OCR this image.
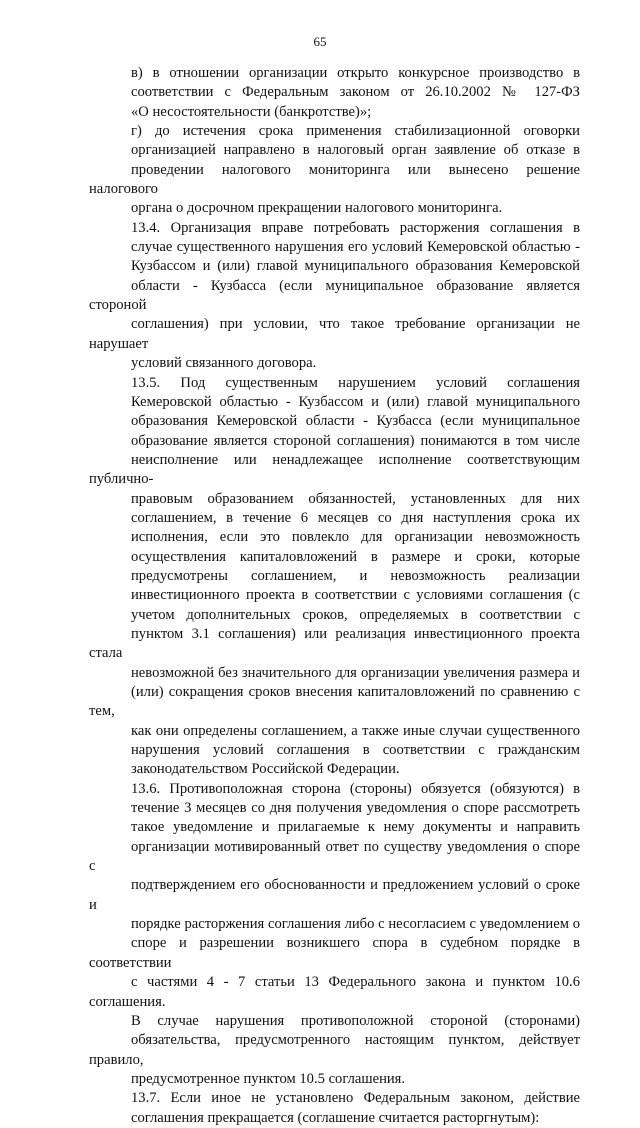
65

в) в отношении организации открыто конкурсное производство в
соответствии с Федеральным законом от 26.10.2002 № 127-ФЗ
«О несостоятельности (банкротстве)»;

г) до истечения срока применения стабилизационной оговорки
организацией направлено в налоговый орган заявление об отказе в
проведении налогового мониторинга или вынесено решение налогового
органа о досрочном прекращении налогового мониторинга.

13.4. Организация вправе потребовать расторжения соглашения в
случае существенного нарушения его условий Кемеровской областью -
Кузбассом и (или) главой муниципального образования Кемеровской
области - Кузбасса (если муниципальное образование является стороной
соглашения) при условии, что такое требование организации не нарушает
условий связанного договора.

13.5. Под существенным нарушением условий соглашения
Кемеровской областью - Кузбассом и (или) главой муниципального
образования Кемеровской области - Кузбасса (если муниципальное
образование является стороной соглашения) понимаются в том числе
неисполнение или ненадлежащее исполнение соответствующим публично-
правовым образованием обязанностей, установленных для них
соглашением, в течение 6 месяцев со дня наступления срока их
исполнения, если это повлекло для организации невозможность
осуществления капиталовложений в размере и сроки, которые
предусмотрены соглашением, и невозможность реализации
инвестиционного проекта в соответствии с условиями соглашения (с
учетом дополнительных сроков, определяемых в соответствии с
пунктом 3.1 соглашения) или реализация инвестиционного проекта стала
невозможной без значительного для организации увеличения размера и
(или) сокращения сроков внесения капиталовложений по сравнению с тем,
как они определены соглашением, а также иные случаи существенного
нарушения условий соглашения в соответствии с гражданским
законодательством Российской Федерации.

13.6. Противоположная сторона (стороны) обязуется (обязуются) в
течение 3 месяцев со дня получения уведомления о споре рассмотреть
такое уведомление и прилагаемые к нему документы и направить
организации мотивированный ответ по существу уведомления о споре с
подтверждением его обоснованности и предложением условий о сроке и
порядке расторжения соглашения либо с несогласием с уведомлением о
споре и разрешении возникшего спора в судебном порядке в соответствии
с частями 4 - 7 статьи 13 Федерального закона и пунктом 10.6 соглашения.

В случае нарушения противоположной стороной (сторонами)
обязательства, предусмотренного настоящим пунктом, действует правило,
предусмотренное пунктом 10.5 соглашения.

13.7. Если иное не установлено Федеральным законом, действие
соглашения прекращается (соглашение считается расторгнутым):
